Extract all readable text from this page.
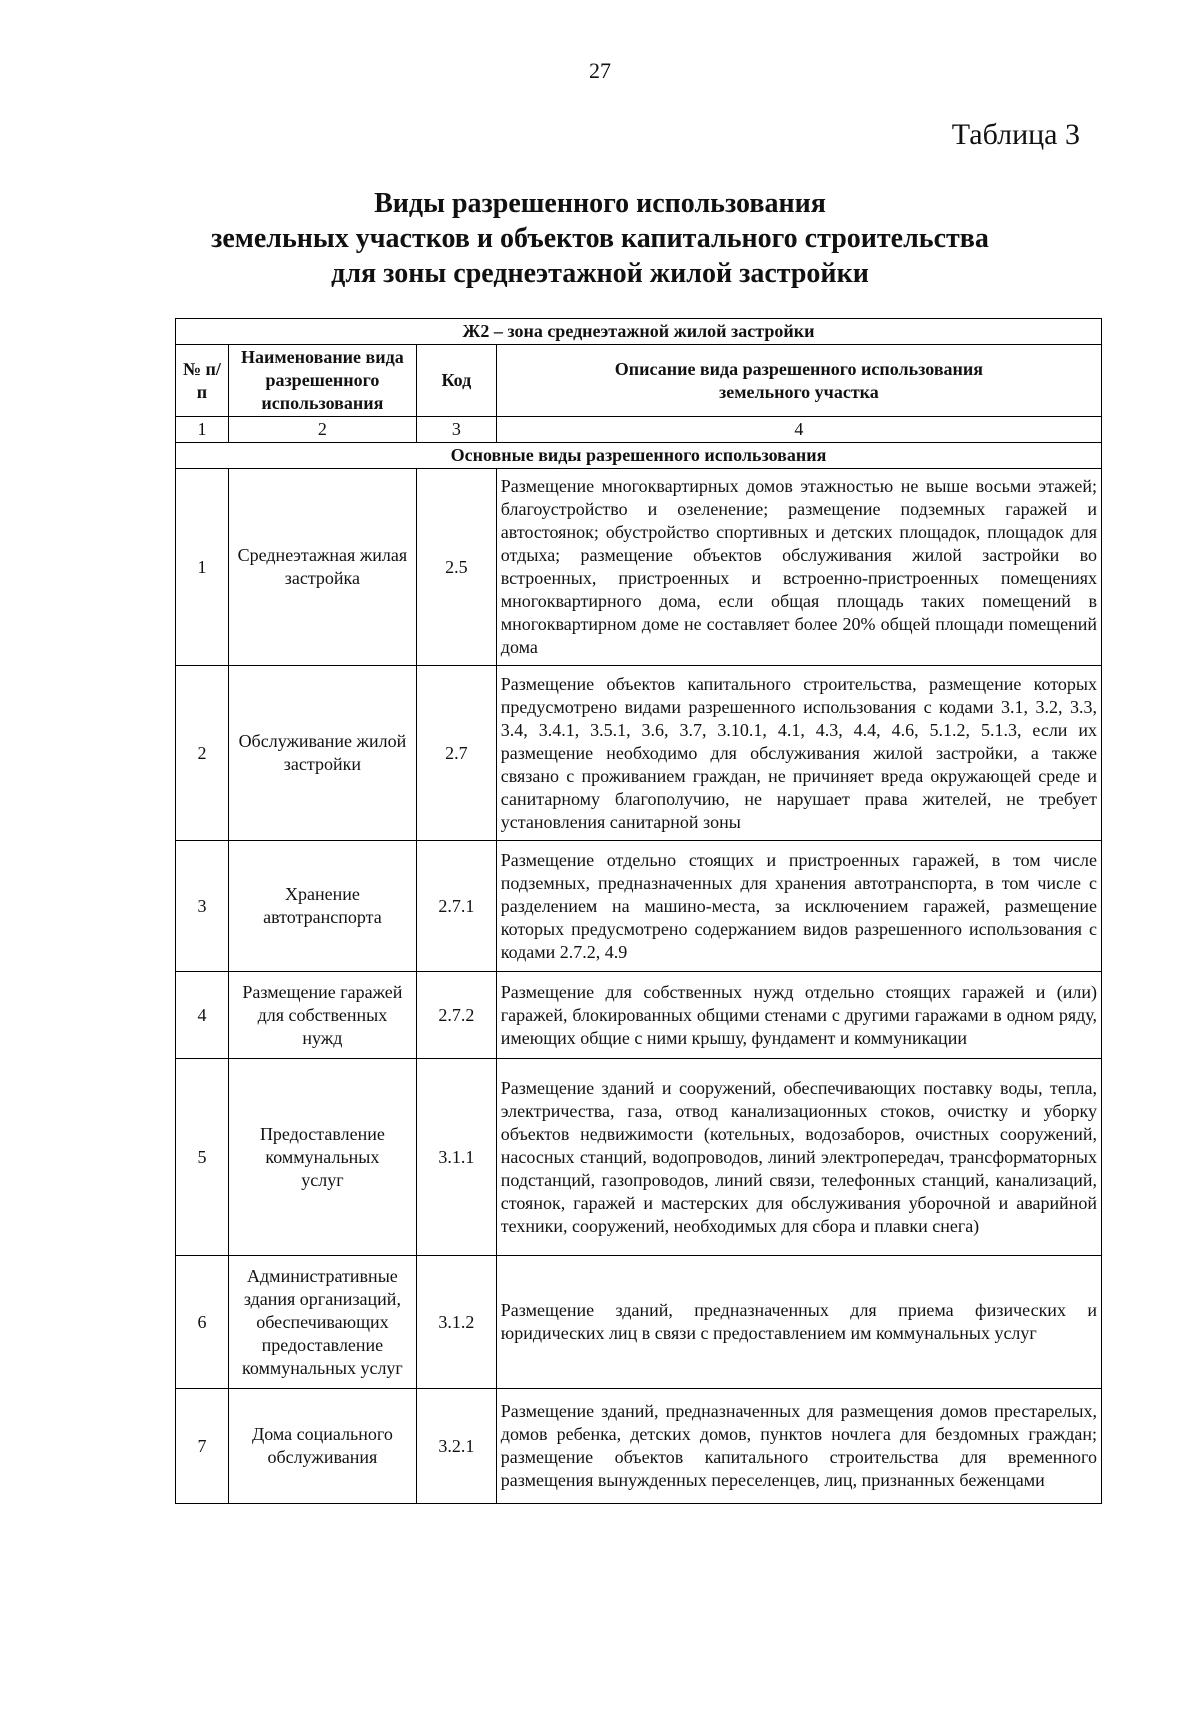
27
Таблица 3
Виды разрешенного использования
земельных участков и объектов капитального строительства
для зоны среднеэтажной жилой застройки
Ж2 – зона среднеэтажной жилой застройки			
№ п/п	Наименование вида разрешенного использования	Код	Описание вида разрешенного использования земельного участка
1	2	3	4
Основные виды разрешенного использования			
1	Среднеэтажная жилая застройка	2.5	Размещение многоквартирных домов этажностью не выше восьми этажей; благоустройство и озеленение; размещение подземных гаражей и автостоянок; обустройство спортивных и детских площадок, площадок для отдыха; размещение объектов обслуживания жилой застройки во встроенных, пристроенных и встроенно-пристроенных помещениях многоквартирного дома, если общая площадь таких помещений в многоквартирном доме не составляет более 20% общей площади помещений дома
2	Обслуживание жилой застройки	2.7	Размещение объектов капитального строительства, размещение которых предусмотрено видами разрешенного использования с кодами 3.1, 3.2, 3.3, 3.4, 3.4.1, 3.5.1, 3.6, 3.7, 3.10.1, 4.1, 4.3, 4.4, 4.6, 5.1.2, 5.1.3, если их размещение необходимо для обслуживания жилой застройки, а также связано с проживанием граждан, не причиняет вреда окружающей среде и санитарному благополучию, не нарушает права жителей, не требует установления санитарной зоны
3	Хранение автотранспорта	2.7.1	Размещение отдельно стоящих и пристроенных гаражей, в том числе подземных, предназначенных для хранения автотранспорта, в том числе с разделением на машино-места, за исключением гаражей, размещение которых предусмотрено содержанием видов разрешенного использования с кодами 2.7.2, 4.9
4	Размещение гаражей для собственных нужд	2.7.2	Размещение для собственных нужд отдельно стоящих гаражей и (или) гаражей, блокированных общими стенами с другими гаражами в одном ряду, имеющих общие с ними крышу, фундамент и коммуникации
5	Предоставление коммунальных услуг	3.1.1	Размещение зданий и сооружений, обеспечивающих поставку воды, тепла, электричества, газа, отвод канализационных стоков, очистку и уборку объектов недвижимости (котельных, водозаборов, очистных сооружений, насосных станций, водопроводов, линий электропередач, трансформаторных подстанций, газопроводов, линий связи, телефонных станций, канализаций, стоянок, гаражей и мастерских для обслуживания уборочной и аварийной техники, сооружений, необходимых для сбора и плавки снега)
6	Административные здания организаций, обеспечивающих предоставление коммунальных услуг	3.1.2	Размещение зданий, предназначенных для приема физических и юридических лиц в связи с предоставлением им коммунальных услуг
7	Дома социального обслуживания	3.2.1	Размещение зданий, предназначенных для размещения домов престарелых, домов ребенка, детских домов, пунктов ночлега для бездомных граждан; размещение объектов капитального строительства для временного размещения вынужденных переселенцев, лиц, признанных беженцами
